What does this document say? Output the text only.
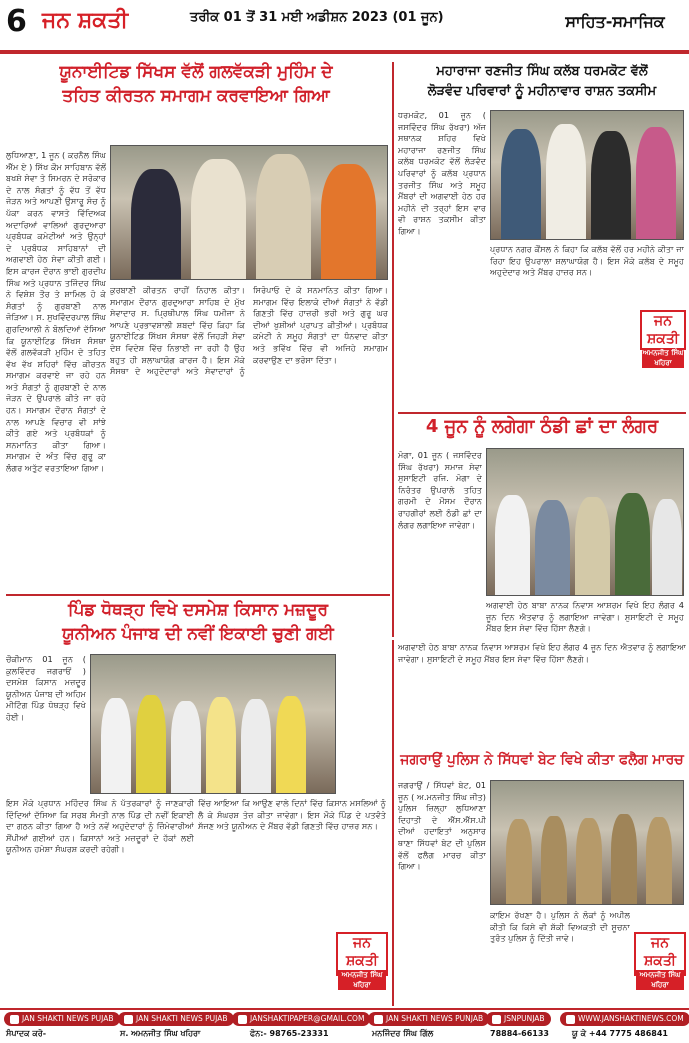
6 ਜਨ ਸ਼ਕਤੀ	ਤਰੀਕ 01 ਤੋਂ 31 ਮਈ ਅਡੀਸ਼ਨ 2023 (01 ਜੂਨ)	ਸਾਹਿਤ-ਸਮਾਜਿਕ
ਯੂਨਾਈਟਿਡ ਸਿੱਖਸ ਵੱਲੋਂ ਗਲਵੱਕੜੀ ਮੁਹਿੰਮ ਦੇ
ਤਹਿਤ ਕੀਰਤਨ ਸਮਾਗਮ ਕਰਵਾਇਆ ਗਿਆ
ਲੁਧਿਆਣਾ, 1 ਜੂਨ ( ਕਰਨੈਲ ਸਿੰਘ ਐੱਮ ਏ ) ਸਿੱਖ ਕੌਮ ਸਾਹਿਬਾਨ ਵੱਲੋਂ ਬਖਸ਼ੇ ਸੇਵਾ ਤੇ ਸਿਮਰਨ ਦੇ ਸਰੋਕਾਰ ਦੇ ਨਾਲ ਸੰਗਤਾਂ ਨੂੰ ਵੱਧ ਤੋਂ ਵੱਧ ਜੋੜਨ ਅਤੇ ਆਪਣੀ ਉਸਾਰੂ ਸੋਚ ਨੂੰ ਪੱਕਾ ਕਰਨ ਵਾਸਤੇ ਵਿੱਦਿਅਕ ਅਦਾਰਿਆਂ ਵਾਲਿਆਂ ਗੁਰਦੁਆਰਾ ਪ੍ਰਬੰਧਕ ਕਮੇਟੀਆਂ ਅਤੇ ਉਨ੍ਹਾਂ ਦੇ ਪ੍ਰਬੰਧਕ ਸਾਹਿਬਾਨਾਂ ਦੀ ਅਗਵਾਈ ਹੇਠ ਸੇਵਾ ਕੀਤੀ ਗਈ। ਇਸ ਕਾਰਜ ਦੌਰਾਨ ਭਾਈ ਗੁਰਦੀਪ ਸਿੰਘ ਅਤੇ ਪ੍ਰਧਾਨ ਤਜਿੰਦਰ ਸਿੰਘ ਨੇ ਵਿਸ਼ੇਸ਼ ਤੌਰ ਤੇ ਸ਼ਾਮਿਲ ਹੋ ਕੇ ਸੰਗਤਾਂ ਨੂੰ ਗੁਰਬਾਣੀ ਨਾਲ ਜੋੜਿਆ। ਸ. ਸੁਖਵਿੰਦਰਪਾਲ ਸਿੰਘ ਗੁਰਦਿਆਲੀ ਨੇ ਬੋਲਦਿਆਂ ਦੱਸਿਆ ਕਿ ਯੂਨਾਈਟਿਡ ਸਿੱਖਸ ਸੰਸਥਾ ਵੱਲੋਂ ਗਲਵੱਕੜੀ ਮੁਹਿੰਮ ਦੇ ਤਹਿਤ ਵੱਖ ਵੱਖ ਸ਼ਹਿਰਾਂ ਵਿੱਚ ਕੀਰਤਨ ਸਮਾਗਮ ਕਰਵਾਏ ਜਾ ਰਹੇ ਹਨ ਅਤੇ ਸੰਗਤਾਂ ਨੂੰ ਗੁਰਬਾਣੀ ਦੇ ਨਾਲ ਜੋੜਨ ਦੇ ਉਪਰਾਲੇ ਕੀਤੇ ਜਾ ਰਹੇ ਹਨ। ਸਮਾਗਮ ਦੌਰਾਨ ਸੰਗਤਾਂ ਦੇ ਨਾਲ ਆਪਣੇ ਵਿਚਾਰ ਵੀ ਸਾਂਝੇ ਕੀਤੇ ਗਏ ਅਤੇ ਪ੍ਰਬੰਧਕਾਂ ਨੂੰ ਸਨਮਾਨਿਤ ਕੀਤਾ ਗਿਆ। ਸਮਾਗਮ ਦੇ ਅੰਤ ਵਿੱਚ ਗੁਰੂ ਕਾ ਲੰਗਰ ਅਤੁੱਟ ਵਰਤਾਇਆ ਗਿਆ।
ਕੁਰਬਾਣੀ ਕੀਰਤਨ ਰਾਹੀਂ ਨਿਹਾਲ ਕੀਤਾ। ਸਮਾਗਮ ਦੌਰਾਨ ਗੁਰਦੁਆਰਾ ਸਾਹਿਬ ਦੇ ਮੁੱਖ ਸੇਵਾਦਾਰ ਸ. ਪ੍ਰਿਥੀਪਾਲ ਸਿੰਘ ਧਮੀਜਾ ਨੇ ਆਪਣੇ ਪ੍ਰਭਾਵਸ਼ਾਲੀ ਸ਼ਬਦਾਂ ਵਿੱਚ ਕਿਹਾ ਕਿ ਯੂਨਾਈਟਿਡ ਸਿੱਖਸ ਸੰਸਥਾ ਵੱਲੋਂ ਜਿਹੜੀ ਸੇਵਾ ਦੇਸ਼ ਵਿਦੇਸ਼ ਵਿੱਚ ਨਿਭਾਈ ਜਾ ਰਹੀ ਹੈ ਉਹ ਬਹੁਤ ਹੀ ਸ਼ਲਾਘਾਯੋਗ ਕਾਰਜ ਹੈ। ਇਸ ਮੌਕੇ ਸੰਸਥਾ ਦੇ ਅਹੁਦੇਦਾਰਾਂ ਅਤੇ ਸੇਵਾਦਾਰਾਂ ਨੂੰ ਸਿਰੋਪਾਓ ਦੇ ਕੇ ਸਨਮਾਨਿਤ ਕੀਤਾ ਗਿਆ। ਸਮਾਗਮ ਵਿੱਚ ਇਲਾਕੇ ਦੀਆਂ ਸੰਗਤਾਂ ਨੇ ਵੱਡੀ ਗਿਣਤੀ ਵਿੱਚ ਹਾਜ਼ਰੀ ਭਰੀ ਅਤੇ ਗੁਰੂ ਘਰ ਦੀਆਂ ਖੁਸ਼ੀਆਂ ਪ੍ਰਾਪਤ ਕੀਤੀਆਂ। ਪ੍ਰਬੰਧਕ ਕਮੇਟੀ ਨੇ ਸਮੂਹ ਸੰਗਤਾਂ ਦਾ ਧੰਨਵਾਦ ਕੀਤਾ ਅਤੇ ਭਵਿੱਖ ਵਿੱਚ ਵੀ ਅਜਿਹੇ ਸਮਾਗਮ ਕਰਵਾਉਣ ਦਾ ਭਰੋਸਾ ਦਿੱਤਾ।
ਮਹਾਰਾਜਾ ਰਣਜੀਤ ਸਿੰਘ ਕਲੱਬ ਧਰਮਕੋਟ ਵੱਲੋਂ
ਲੋੜਵੰਦ ਪਰਿਵਾਰਾਂ ਨੂੰ ਮਹੀਨਾਵਾਰ ਰਾਸ਼ਨ ਤਕਸੀਮ
ਧਰਮਕੋਟ, 01 ਜੂਨ ( ਜਸਵਿੰਦਰ ਸਿੰਘ ਰੱਖਰਾ) ਅੱਜ ਸਥਾਨਕ ਸ਼ਹਿਰ ਵਿਖੇ ਮਹਾਰਾਜਾ ਰਣਜੀਤ ਸਿੰਘ ਕਲੱਬ ਧਰਮਕੋਟ ਵੱਲੋਂ ਲੋੜਵੰਦ ਪਰਿਵਾਰਾਂ ਨੂੰ ਕਲੱਬ ਪ੍ਰਧਾਨ ਤਰਜੀਤ ਸਿੰਘ ਅਤੇ ਸਮੂਹ ਮੈਂਬਰਾਂ ਦੀ ਅਗਵਾਈ ਹੇਠ ਹਰ ਮਹੀਨੇ ਦੀ ਤਰ੍ਹਾਂ ਇਸ ਵਾਰ ਵੀ ਰਾਸ਼ਨ ਤਕਸੀਮ ਕੀਤਾ ਗਿਆ।
ਪ੍ਰਧਾਨ ਨਗਰ ਕੌਂਸਲ ਨੇ ਕਿਹਾ ਕਿ ਕਲੱਬ ਵੱਲੋਂ ਹਰ ਮਹੀਨੇ ਕੀਤਾ ਜਾ ਰਿਹਾ ਇਹ ਉਪਰਾਲਾ ਸ਼ਲਾਘਾਯੋਗ ਹੈ। ਇਸ ਮੌਕੇ ਕਲੱਬ ਦੇ ਸਮੂਹ ਅਹੁਦੇਦਾਰ ਅਤੇ ਮੈਂਬਰ ਹਾਜ਼ਰ ਸਨ।
ਜਨ ਸ਼ਕਤੀ
ਅਮਨਜੀਤ ਸਿੰਘ ਖਹਿਰਾ
4 ਜੂਨ ਨੂੰ ਲਗੇਗਾ ਠੰਡੀ ਛਾਂ ਦਾ ਲੰਗਰ
ਮੋਗਾ, 01 ਜੂਨ ( ਜਸਵਿੰਦਰ ਸਿੰਘ ਰੱਖਰਾ) ਸਮਾਜ ਸੇਵਾ ਸੁਸਾਇਟੀ ਰਜਿ. ਮੋਗਾ ਦੇ ਨਿਰੰਤਰ ਉਪਰਾਲੇ ਤਹਿਤ ਗਰਮੀ ਦੇ ਮੌਸਮ ਦੌਰਾਨ ਰਾਹਗੀਰਾਂ ਲਈ ਠੰਡੀ ਛਾਂ ਦਾ ਲੰਗਰ ਲਗਾਇਆ ਜਾਵੇਗਾ।
ਅਗਵਾਈ ਹੇਠ ਬਾਬਾ ਨਾਨਕ ਨਿਵਾਸ ਆਸ਼ਰਮ ਵਿਖੇ ਇਹ ਲੰਗਰ 4 ਜੂਨ ਦਿਨ ਐਤਵਾਰ ਨੂੰ ਲਗਾਇਆ ਜਾਵੇਗਾ। ਸੁਸਾਇਟੀ ਦੇ ਸਮੂਹ ਮੈਂਬਰ ਇਸ ਸੇਵਾ ਵਿੱਚ ਹਿੱਸਾ ਲੈਣਗੇ।
ਪਿੰਡ ਧੋਥੜ੍ਹ ਵਿਖੇ ਦਸਮੇਸ਼ ਕਿਸਾਨ ਮਜ਼ਦੂਰ
ਯੂਨੀਅਨ ਪੰਜਾਬ ਦੀ ਨਵੀਂ ਇਕਾਈ ਚੁਣੀ ਗਈ
ਚੌਕੀਮਾਨ 01 ਜੂਨ ( ਕੁਲਵਿੰਦਰ ਜਗਰਾਓਂ ) ਦਸਮੇਸ਼ ਕਿਸਾਨ ਮਜ਼ਦੂਰ ਯੂਨੀਅਨ ਪੰਜਾਬ ਦੀ ਅਹਿਮ ਮੀਟਿੰਗ ਪਿੰਡ ਧੋਥੜ੍ਹ ਵਿਖੇ ਹੋਈ।
ਇਸ ਮੌਕੇ ਪ੍ਰਧਾਨ ਮਹਿੰਦਰ ਸਿੰਘ ਨੇ ਪੱਤਰਕਾਰਾਂ ਨੂੰ ਜਾਣਕਾਰੀ ਦਿੰਦਿਆਂ ਦੱਸਿਆ ਕਿ ਸਰਬ ਸੰਮਤੀ ਨਾਲ ਪਿੰਡ ਦੀ ਨਵੀਂ ਇਕਾਈ ਦਾ ਗਠਨ ਕੀਤਾ ਗਿਆ ਹੈ ਅਤੇ ਨਵੇਂ ਅਹੁਦੇਦਾਰਾਂ ਨੂੰ ਜ਼ਿੰਮੇਵਾਰੀਆਂ ਸੌਂਪੀਆਂ ਗਈਆਂ ਹਨ। ਕਿਸਾਨਾਂ ਅਤੇ ਮਜ਼ਦੂਰਾਂ ਦੇ ਹੱਕਾਂ ਲਈ ਯੂਨੀਅਨ ਹਮੇਸ਼ਾ ਸੰਘਰਸ਼ ਕਰਦੀ ਰਹੇਗੀ।
ਵਿੱਚ ਆਇਆ ਕਿ ਆਉਣ ਵਾਲੇ ਦਿਨਾਂ ਵਿੱਚ ਕਿਸਾਨ ਮਸਲਿਆਂ ਨੂੰ ਲੈ ਕੇ ਸੰਘਰਸ਼ ਤੇਜ਼ ਕੀਤਾ ਜਾਵੇਗਾ। ਇਸ ਮੌਕੇ ਪਿੰਡ ਦੇ ਪਤਵੰਤੇ ਸੱਜਣ ਅਤੇ ਯੂਨੀਅਨ ਦੇ ਮੈਂਬਰ ਵੱਡੀ ਗਿਣਤੀ ਵਿੱਚ ਹਾਜ਼ਰ ਸਨ।
ਜਨ ਸ਼ਕਤੀ
ਅਮਨਜੀਤ ਸਿੰਘ ਖਹਿਰਾ
ਅਗਵਾਈ ਹੇਠ ਬਾਬਾ ਨਾਨਕ ਨਿਵਾਸ ਆਸ਼ਰਮ ਵਿਖੇ ਇਹ ਲੰਗਰ 4 ਜੂਨ ਦਿਨ ਐਤਵਾਰ ਨੂੰ ਲਗਾਇਆ ਜਾਵੇਗਾ। ਸੁਸਾਇਟੀ ਦੇ ਸਮੂਹ ਮੈਂਬਰ ਇਸ ਸੇਵਾ ਵਿੱਚ ਹਿੱਸਾ ਲੈਣਗੇ।
ਜਗਰਾਉਂ ਪੁਲਿਸ ਨੇ ਸਿੱਧਵਾਂ ਬੇਟ ਵਿਖੇ ਕੀਤਾ ਫਲੈਗ ਮਾਰਚ
ਜਗਰਾਉਂ / ਸਿੱਧਵਾਂ ਬੇਟ, 01 ਜੂਨ ( ਅ.ਮਨਜੀਤ ਸਿੰਘ ਜੀਤ) ਪੁਲਿਸ ਜ਼ਿਲ੍ਹਾ ਲੁਧਿਆਣਾ ਦਿਹਾਤੀ ਦੇ ਐੱਸ.ਐੱਸ.ਪੀ ਦੀਆਂ ਹਦਾਇਤਾਂ ਅਨੁਸਾਰ ਥਾਣਾ ਸਿੱਧਵਾਂ ਬੇਟ ਦੀ ਪੁਲਿਸ ਵੱਲੋਂ ਫਲੈਗ ਮਾਰਚ ਕੀਤਾ ਗਿਆ।
ਕਾਇਮ ਰੱਖਣਾ ਹੈ। ਪੁਲਿਸ ਨੇ ਲੋਕਾਂ ਨੂੰ ਅਪੀਲ ਕੀਤੀ ਕਿ ਕਿਸੇ ਵੀ ਸ਼ੱਕੀ ਵਿਅਕਤੀ ਦੀ ਸੂਚਨਾ ਤੁਰੰਤ ਪੁਲਿਸ ਨੂੰ ਦਿੱਤੀ ਜਾਵੇ।	ਜਨ ਸ਼ਕਤੀ
ਅਮਨਜੀਤ ਸਿੰਘ ਖਹਿਰਾ
JAN SHAKTI NEWS PUJAB	JAN SHAKTI NEWS PUJAB	JANSHAKTIPAPER@GMAIL.COM	JAN SHAKTI NEWS PUNJAB	JSNPUNJAB	WWW.JANSHAKTINEWS.COM
ਸੰਪਾਦਕ ਕਰੋ-	ਸ. ਅਮਨਜੀਤ ਸਿੰਘ ਖਹਿਰਾ	ਫੋਨ:- 98765-23331	ਮਨਜਿੰਦਰ ਸਿੰਘ ਗਿੱਲ	78884-66133	ਯੂ ਕੇ +44 7775 486841
